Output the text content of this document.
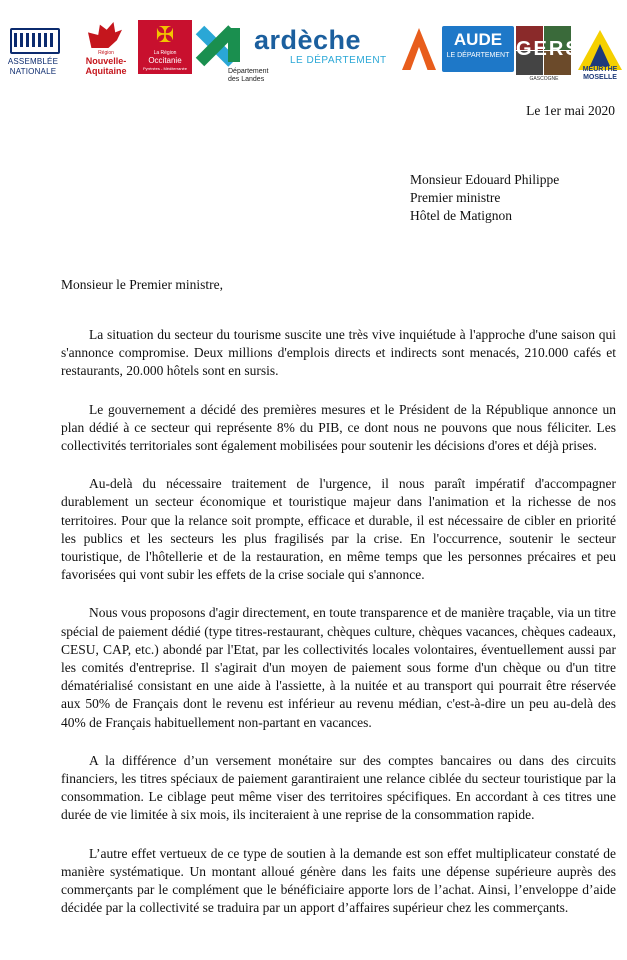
ASSEMBLÉE
NATIONALE
Région
Nouvelle-
Aquitaine
✠
La Région
Occitanie
Pyrénées - Méditerranée	Département
des Landes
ardèche
LE DÉPARTEMENT
AUDE
LE DÉPARTEMENT GERS
GASCOGNE
MEURTHE
MOSELLE
Le 1er mai 2020
Monsieur Edouard Philippe
Premier ministre
Hôtel de Matignon
Monsieur le Premier ministre,

La situation du secteur du tourisme suscite une très vive inquiétude à l'approche d'une saison qui s'annonce compromise. Deux millions d'emplois directs et indirects sont menacés, 210.000 cafés et restaurants, 20.000 hôtels sont en sursis.

Le gouvernement a décidé des premières mesures et le Président de la République annonce un plan dédié à ce secteur qui représente 8% du PIB, ce dont nous ne pouvons que nous féliciter. Les collectivités territoriales sont également mobilisées pour soutenir les décisions d'ores et déjà prises.

Au-delà du nécessaire traitement de l'urgence, il nous paraît impératif d'accompagner durablement un secteur économique et touristique majeur dans l'animation et la richesse de nos territoires. Pour que la relance soit prompte, efficace et durable, il est nécessaire de cibler en priorité les publics et les secteurs les plus fragilisés par la crise. En l'occurrence, soutenir le secteur touristique, de l'hôtellerie et de la restauration, en même temps que les personnes précaires et peu favorisées qui vont subir les effets de la crise sociale qui s'annonce.

Nous vous proposons d'agir directement, en toute transparence et de manière traçable, via un titre spécial de paiement dédié (type titres-restaurant, chèques culture, chèques vacances, chèques cadeaux, CESU, CAP, etc.) abondé par l'Etat, par les collectivités locales volontaires, éventuellement aussi par les comités d'entreprise. Il s'agirait d'un moyen de paiement sous forme d'un chèque ou d'un titre dématérialisé consistant en une aide à l'assiette, à la nuitée et au transport qui pourrait être réservée aux 50% de Français dont le revenu est inférieur au revenu médian, c'est-à-dire un peu au-delà des 40% de Français habituellement non-partant en vacances.

A la différence d’un versement monétaire sur des comptes bancaires ou dans des circuits financiers, les titres spéciaux de paiement garantiraient une relance ciblée du secteur touristique par la consommation. Le ciblage peut même viser des territoires spécifiques. En accordant à ces titres une durée de vie limitée à six mois, ils inciteraient à une reprise de la consommation rapide.

L’autre effet vertueux de ce type de soutien à la demande est son effet multiplicateur constaté de manière systématique. Un montant alloué génère dans les faits une dépense supérieure auprès des commerçants par le complément que le bénéficiaire apporte lors de l’achat. Ainsi, l’enveloppe d’aide décidée par la collectivité se traduira par un apport d’affaires supérieur chez les commerçants.
